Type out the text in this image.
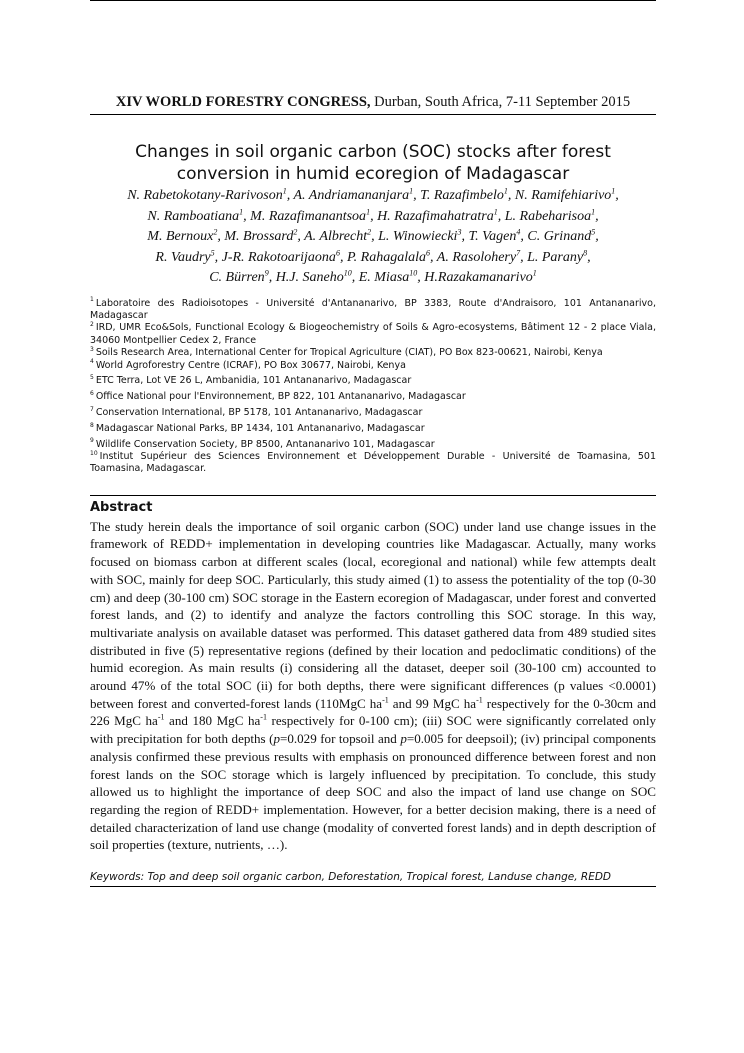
XIV WORLD FORESTRY CONGRESS, Durban, South Africa, 7-11 September 2015
Changes in soil organic carbon (SOC) stocks after forest
conversion in humid ecoregion of Madagascar
N. Rabetokotany-Rarivoson$^1$, A. Andriamananjara$^1$, T. Razafimbelo$^1$, N. Ramifehiarivo$^1$,
N. Ramboatiana$^1$, M. Razafimanantsoa$^1$, H. Razafimahatratra$^1$, L. Rabeharisoa$^1$,
M. Bernoux$^2$, M. Brossard$^2$, A. Albrecht$^2$, L. Winowiecki$^3$, T. Vagen$^4$, C. Grinand$^5$,
R. Vaudry$^5$, J-R. Rakotoarijaona$^6$, P. Rahagalala$^6$, A. Rasolohery$^7$, L. Parany$^8$,
C. Bürren$^9$, H.J. Saneho$^{10}$, E. Miasa$^{10}$, H.Razakamanarivo$^1$
$^1$ Laboratoire des Radioisotopes - Université d'Antananarivo, BP 3383, Route d'Andraisoro, 101 Antananarivo, Madagascar
$^2$ IRD, UMR Eco&Sols, Functional Ecology & Biogeochemistry of Soils & Agro-ecosystems, Bâtiment 12 - 2 place Viala, 34060 Montpellier Cedex 2, France
$^3$ Soils Research Area, International Center for Tropical Agriculture (CIAT), PO Box 823-00621, Nairobi, Kenya
$^4$ World Agroforestry Centre (ICRAF), PO Box 30677, Nairobi, Kenya
$^5$ ETC Terra, Lot VE 26 L, Ambanidia, 101 Antananarivo, Madagascar
$^6$ Office National pour l'Environnement, BP 822, 101 Antananarivo, Madagascar
$^7$ Conservation International, BP 5178, 101 Antananarivo, Madagascar
$^8$ Madagascar National Parks, BP 1434, 101 Antananarivo, Madagascar
$^9$ Wildlife Conservation Society, BP 8500, Antananarivo 101, Madagascar
$^{10}$ Institut Supérieur des Sciences Environnement et Développement Durable - Université de Toamasina, 501 Toamasina, Madagascar.
Abstract
The study herein deals the importance of soil organic carbon (SOC) under land use change issues in the framework of REDD+ implementation in developing countries like Madagascar. Actually, many works focused on biomass carbon at different scales (local, ecoregional and national) while few attempts dealt with SOC, mainly for deep SOC. Particularly, this study aimed (1) to assess the potentiality of the top (0-30 cm) and deep (30-100 cm) SOC storage in the Eastern ecoregion of Madagascar, under forest and converted forest lands, and (2) to identify and analyze the factors controlling this SOC storage. In this way, multivariate analysis on available dataset was performed. This dataset gathered data from 489 studied sites distributed in five (5) representative regions (defined by their location and pedoclimatic conditions) of the humid ecoregion. As main results (i) considering all the dataset, deeper soil (30-100 cm) accounted to around 47% of the total SOC (ii) for both depths, there were significant differences (p values <0.0001) between forest and converted-forest lands (110MgC $ha^{-1}$ and 99 MgC $ha^{-1}$ respectively for the 0-30cm and 226 MgC $ha^{-1}$ and 180 MgC $ha^{-1}$ respectively for 0-100 cm); (iii) SOC were significantly correlated only with precipitation for both depths (p=0.029 for topsoil and p=0.005 for deepsoil); (iv) principal components analysis confirmed these previous results with emphasis on pronounced difference between forest and non forest lands on the SOC storage which is largely influenced by precipitation. To conclude, this study allowed us to highlight the importance of deep SOC and also the impact of land use change on SOC regarding the region of REDD+ implementation. However, for a better decision making, there is a need of detailed characterization of land use change (modality of converted forest lands) and in depth description of soil properties (texture, nutrients, …).
Keywords: Top and deep soil organic carbon, Deforestation, Tropical forest, Landuse change, REDD
